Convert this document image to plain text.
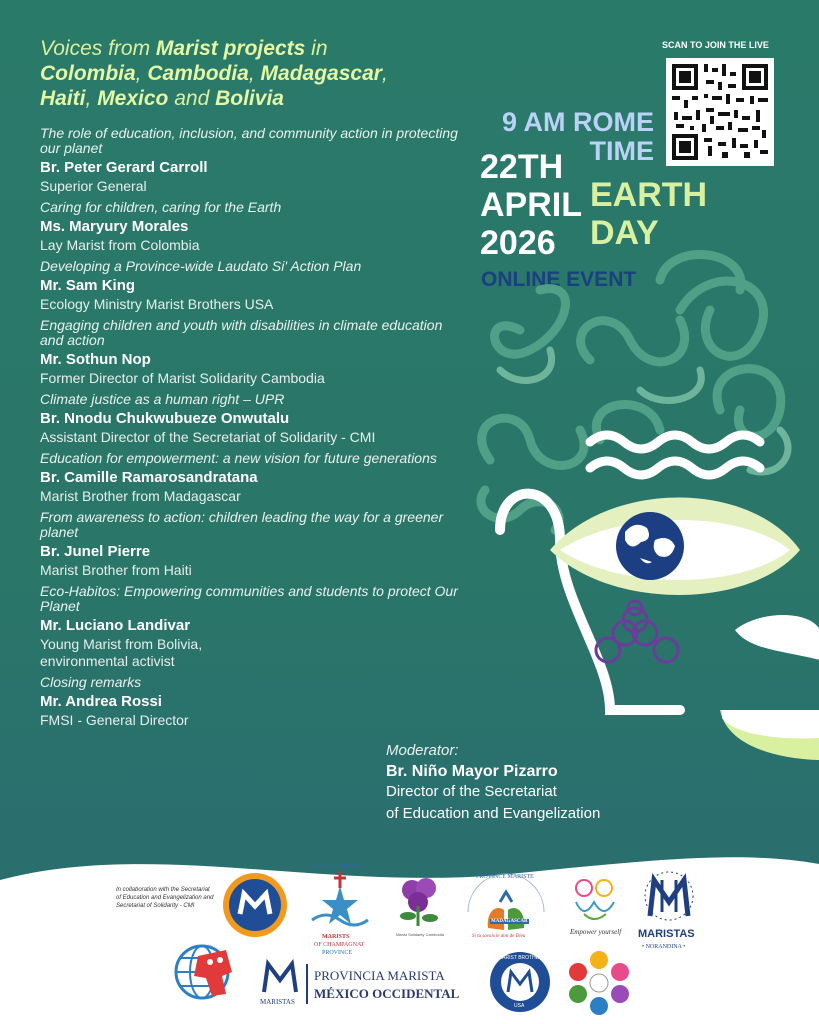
Voices from Marist projects in
Colombia, Cambodia, Madagascar,
Haiti, Mexico and Bolivia
The role of education, inclusion, and community action in protecting our planet
Br. Peter Gerard Carroll
Superior General
Caring for children, caring for the Earth
Ms. Maryury Morales
Lay Marist from Colombia
Developing a Province-wide Laudato Si' Action Plan
Mr. Sam King
Ecology Ministry Marist Brothers USA
Engaging children and youth with disabilities in climate education and action
Mr. Sothun Nop
Former Director of Marist Solidarity Cambodia
Climate justice as a human right – UPR
Br. Nnodu Chukwubueze Onwutalu
Assistant Director of the Secretariat of Solidarity - CMI
Education for empowerment: a new vision for future generations
Br. Camille Ramarosandratana
Marist Brother from Madagascar
From awareness to action: children leading the way for a greener planet
Br. Junel Pierre
Marist Brother from Haiti
Eco-Habitos: Empowering communities and students to protect Our Planet
Mr. Luciano Landivar
Young Marist from Bolivia, environmental activist
Closing remarks
Mr. Andrea Rossi
FMSI - General Director
Moderator:
Br. Niño Mayor Pizarro
Director of the Secretariat
of Education and Evangelization
SCAN TO JOIN THE LIVE
9 AM ROME
TIME
22TH
APRIL
2026
EARTH
DAY
ONLINE EVENT
In collaboration with the Secretariat of Education and Evangelization and Secretariat of Solidarity - CMI
STAR OF THE SEA
MARISTS
OF CHAMPAGNAT
PROVINCE
Marist Solidarity Cambodia
PROVINCE MARISTE
MADAGASCAR
Si tu savais le don de Dieu
Empower yourself MARISTAS
• NORANDINA •
MARISTAS
PROVINCIA MARISTA
MÉXICO OCCIDENTAL
MARIST BROTHERS
USA
